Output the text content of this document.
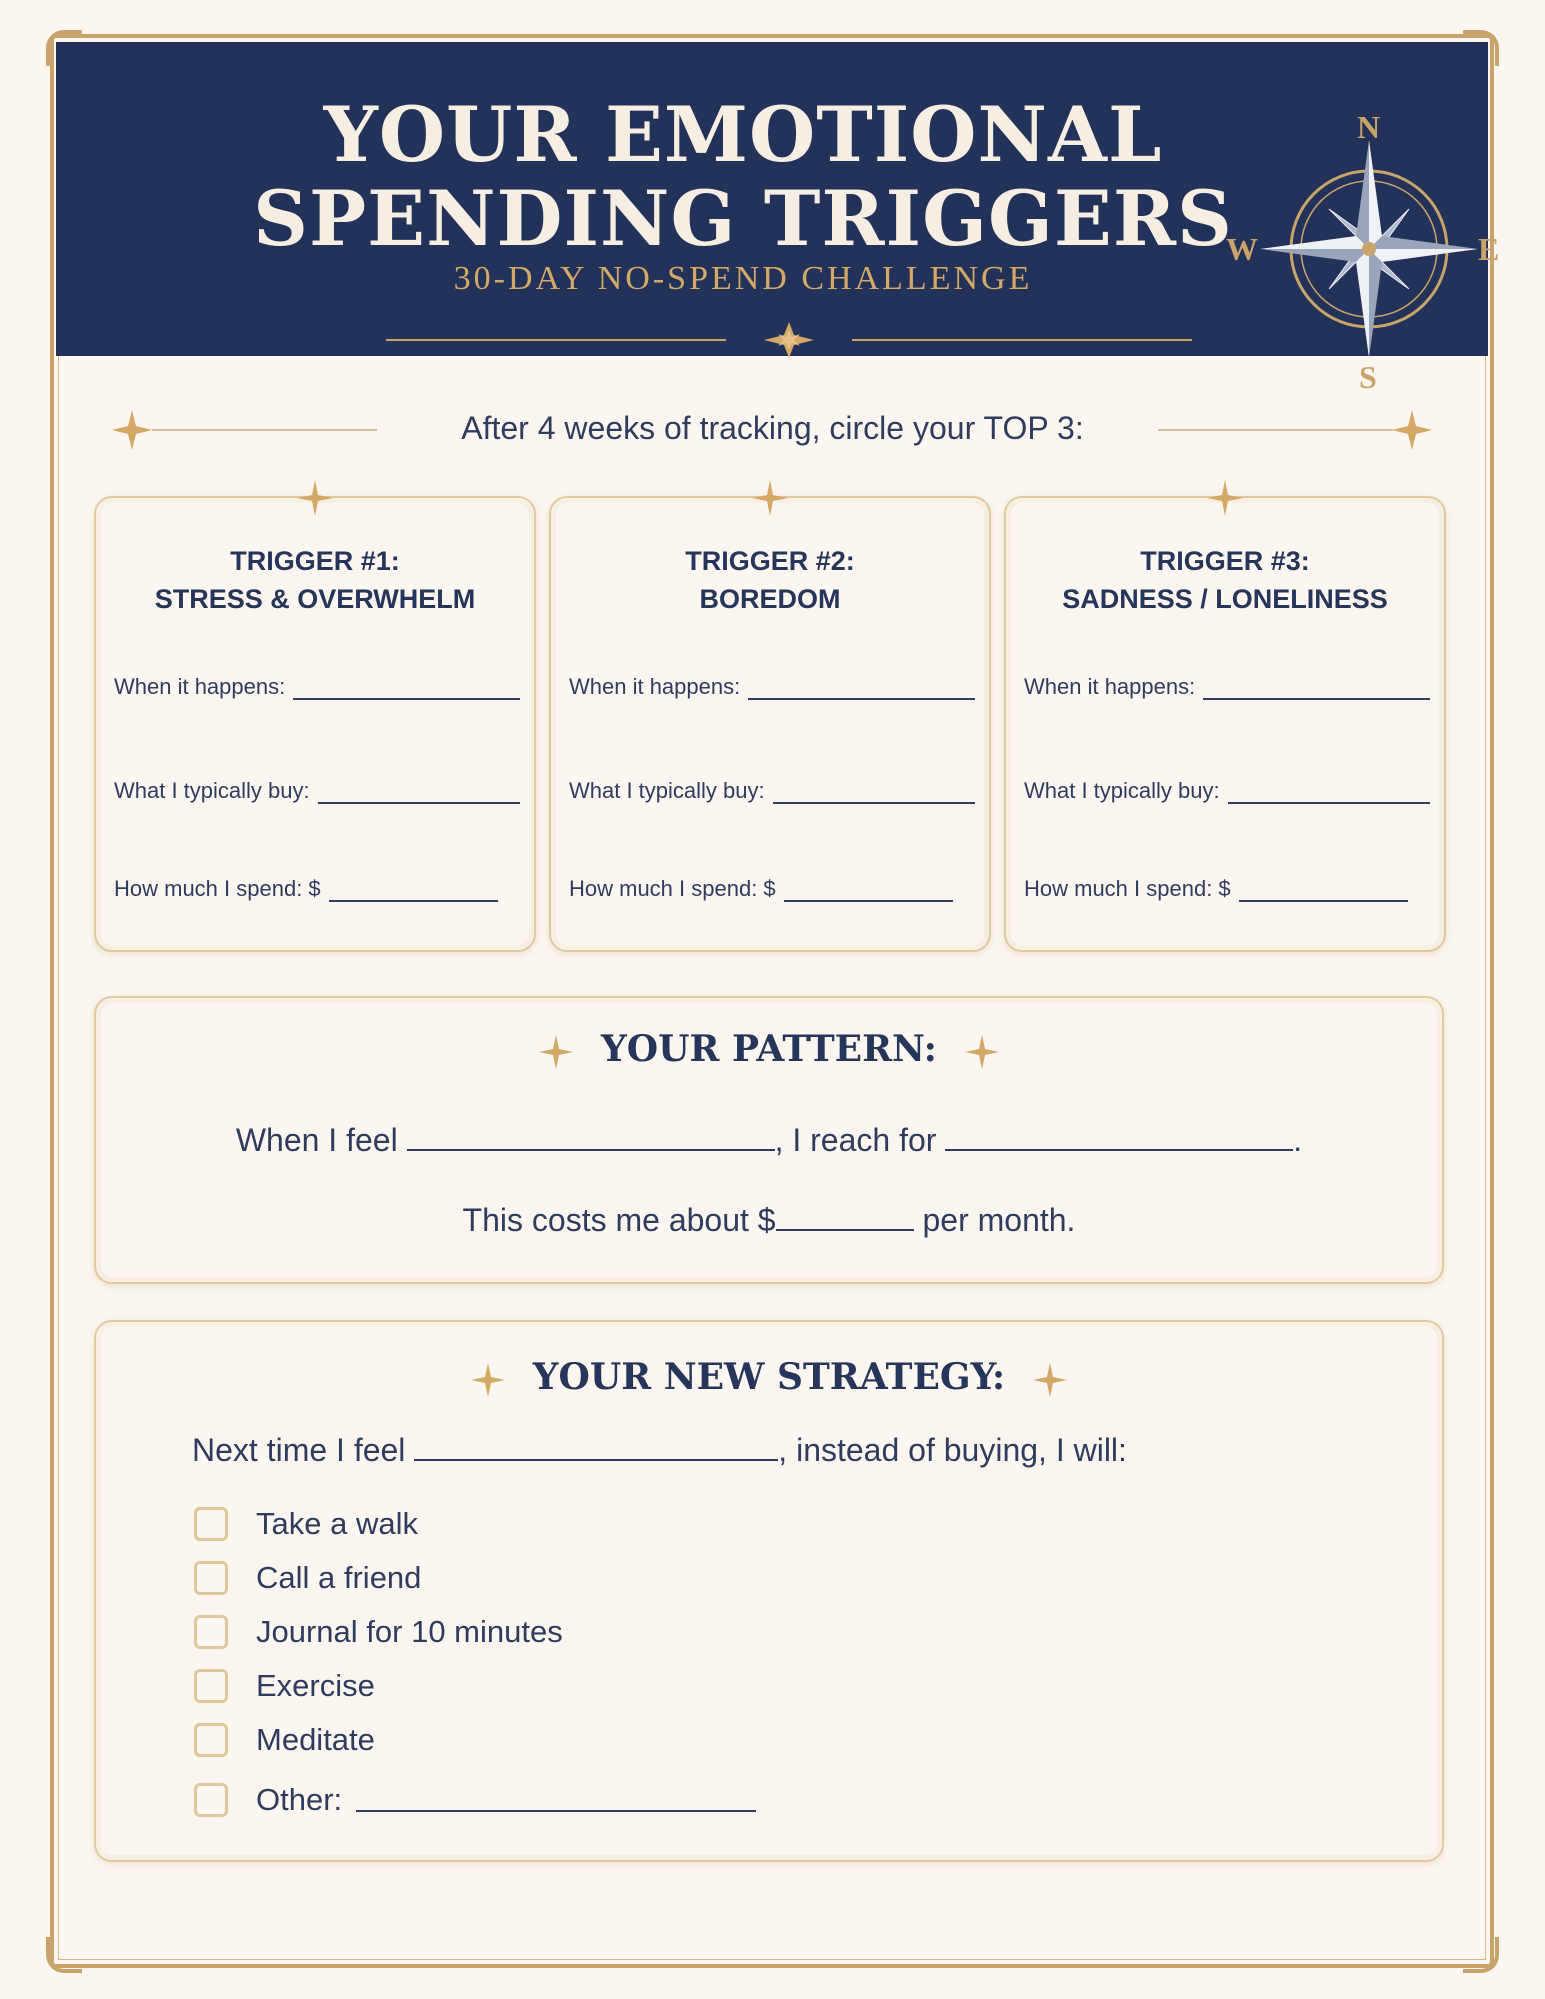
YOUR EMOTIONAL
SPENDING TRIGGERS
30-DAY NO-SPEND CHALLENGE
N
S
W	E
After 4 weeks of tracking, circle your TOP 3:
TRIGGER #1:
STRESS & OVERWHELM
When it happens:
What I typically buy:
How much I spend: $
TRIGGER #2:
BOREDOM
When it happens:
What I typically buy:
How much I spend: $
TRIGGER #3:
SADNESS / LONELINESS
When it happens:
What I typically buy:
How much I spend: $
YOUR PATTERN:
When I feel	, I reach for	.
This costs me about $	per month.
YOUR NEW STRATEGY:
Next time I feel	, instead of buying, I will:
Take a walk
Call a friend
Journal for 10 minutes
Exercise
Meditate
Other:
